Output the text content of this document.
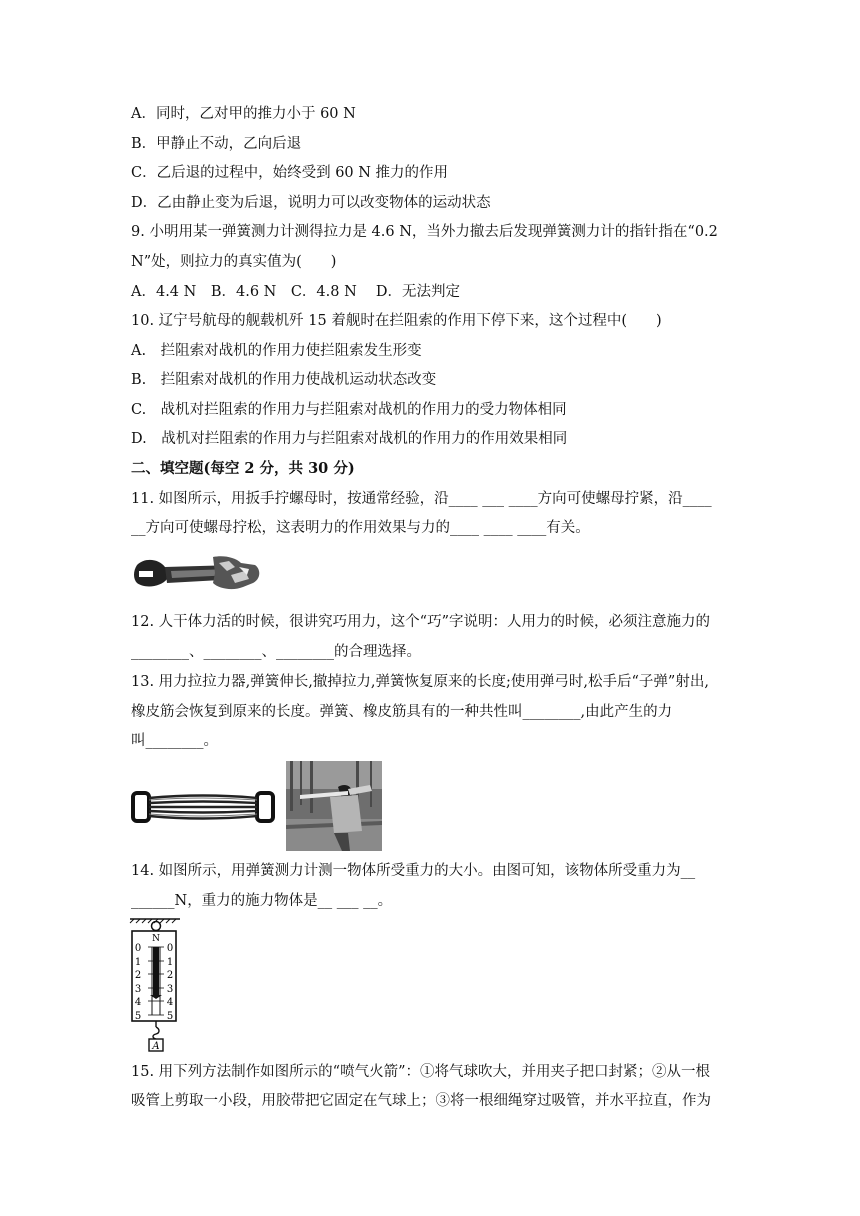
A．同时，乙对甲的推力小于 60 N
B．甲静止不动，乙向后退
C．乙后退的过程中，始终受到 60 N 推力的作用
D．乙由静止变为后退，说明力可以改变物体的运动状态
9. 小明用某一弹簧测力计测得拉力是 4.6 N，当外力撤去后发现弹簧测力计的指针指在“0.2
N”处，则拉力的真实值为(　　)
A．4.4 N　B．4.6 N　C．4.8 N　 D．无法判定
10. 辽宁号航母的舰载机歼 15 着舰时在拦阻索的作用下停下来，这个过程中(　　)
A.　拦阻索对战机的作用力使拦阻索发生形变
B.　拦阻索对战机的作用力使战机运动状态改变
C.　战机对拦阻索的作用力与拦阻索对战机的作用力的受力物体相同
D.　战机对拦阻索的作用力与拦阻索对战机的作用力的作用效果相同
二、填空题(每空 2 分，共 30 分)
11. 如图所示，用扳手拧螺母时，按通常经验，沿____ ___ ____方向可使螺母拧紧，沿____
__方向可使螺母拧松，这表明力的作用效果与力的____ ____ ____有关。
12. 人干体力活的时候，很讲究巧用力，这个“巧”字说明：人用力的时候，必须注意施力的
________、________、________的合理选择。
13. 用力拉拉力器,弹簧伸长,撤掉拉力,弹簧恢复原来的长度;使用弹弓时,松手后“子弹”射出,
橡皮筋会恢复到原来的长度。弹簧、橡皮筋具有的一种共性叫________,由此产生的力
叫________。
14. 如图所示，用弹簧测力计测一物体所受重力的大小。由图可知，该物体所受重力为__
______N，重力的施力物体是__ ___ __。
N
0
1
2
3
4
5
0
1
2
3
4
5
A
15. 用下列方法制作如图所示的“喷气火箭”：①将气球吹大，并用夹子把口封紧；②从一根
吸管上剪取一小段，用胶带把它固定在气球上；③将一根细绳穿过吸管，并水平拉直，作为
